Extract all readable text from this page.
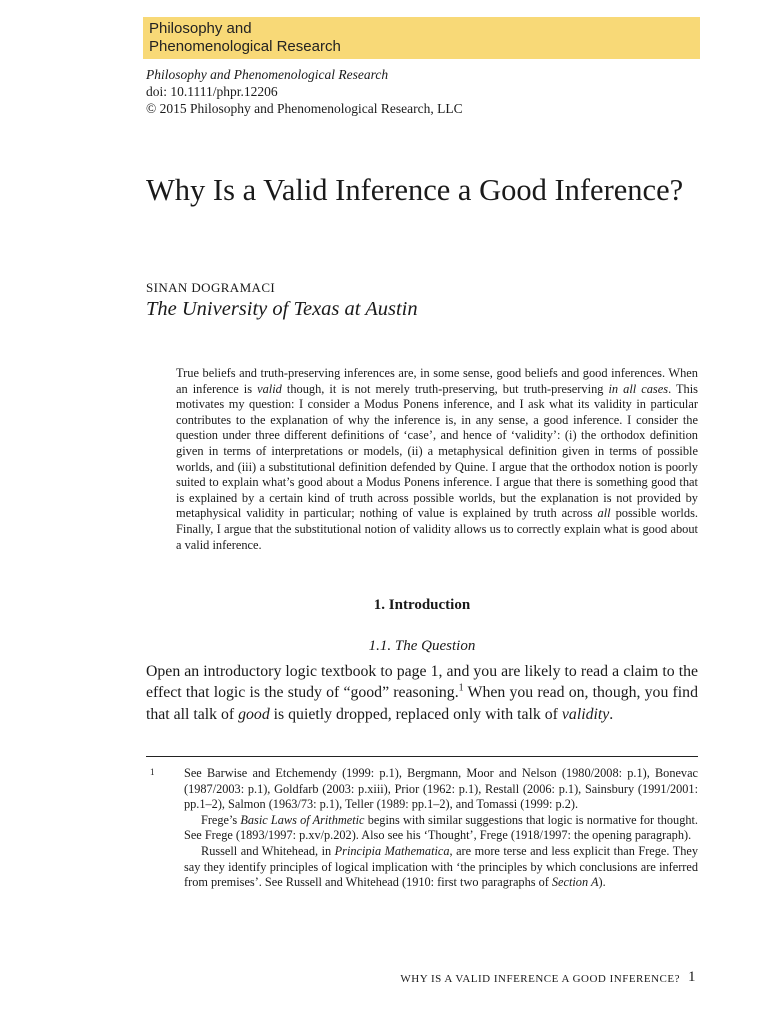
Philosophy and
Phenomenological Research
Philosophy and Phenomenological Research
doi: 10.1111/phpr.12206
© 2015 Philosophy and Phenomenological Research, LLC
Why Is a Valid Inference a Good Inference?
SINAN DOGRAMACI
The University of Texas at Austin

True beliefs and truth-preserving inferences are, in some sense, good beliefs and good inferences. When an inference is valid though, it is not merely truth-preserving, but truth-preserving in all cases. This motivates my question: I consider a Modus Ponens inference, and I ask what its validity in particular contributes to the explanation of why the inference is, in any sense, a good inference. I consider the question under three different definitions of ‘case’, and hence of ‘validity’: (i) the orthodox definition given in terms of interpretations or models, (ii) a metaphysical definition given in terms of possible worlds, and (iii) a substitutional definition defended by Quine. I argue that the orthodox notion is poorly suited to explain what’s good about a Modus Ponens inference. I argue that there is something good that is explained by a certain kind of truth across possible worlds, but the explanation is not provided by metaphysical validity in particular; nothing of value is explained by truth across all possible worlds. Finally, I argue that the substitutional notion of validity allows us to correctly explain what is good about a valid inference.

1. Introduction
1.1. The Question

Open an introductory logic textbook to page 1, and you are likely to read a claim to the effect that logic is the study of “good” reasoning.$^1$ When you read on, though, you find that all talk of good is quietly dropped, replaced only with talk of validity.

1 See Barwise and Etchemendy (1999: p.1), Bergmann, Moor and Nelson (1980/2008: p.1), Bonevac (1987/2003: p.1), Goldfarb (2003: p.xiii), Prior (1962: p.1), Restall (2006: p.1), Sainsbury (1991/2001: pp.1–2), Salmon (1963/73: p.1), Teller (1989: pp.1–2), and Tomassi (1999: p.2).

Frege’s Basic Laws of Arithmetic begins with similar suggestions that logic is normative for thought. See Frege (1893/1997: p.xv/p.202). Also see his ‘Thought’, Frege (1918/1997: the opening paragraph).

Russell and Whitehead, in Principia Mathematica, are more terse and less explicit than Frege. They say they identify principles of logical implication with ‘the principles by which conclusions are inferred from premises’. See Russell and Whitehead (1910: first two paragraphs of Section A).

WHY IS A VALID INFERENCE A GOOD INFERENCE? 1
